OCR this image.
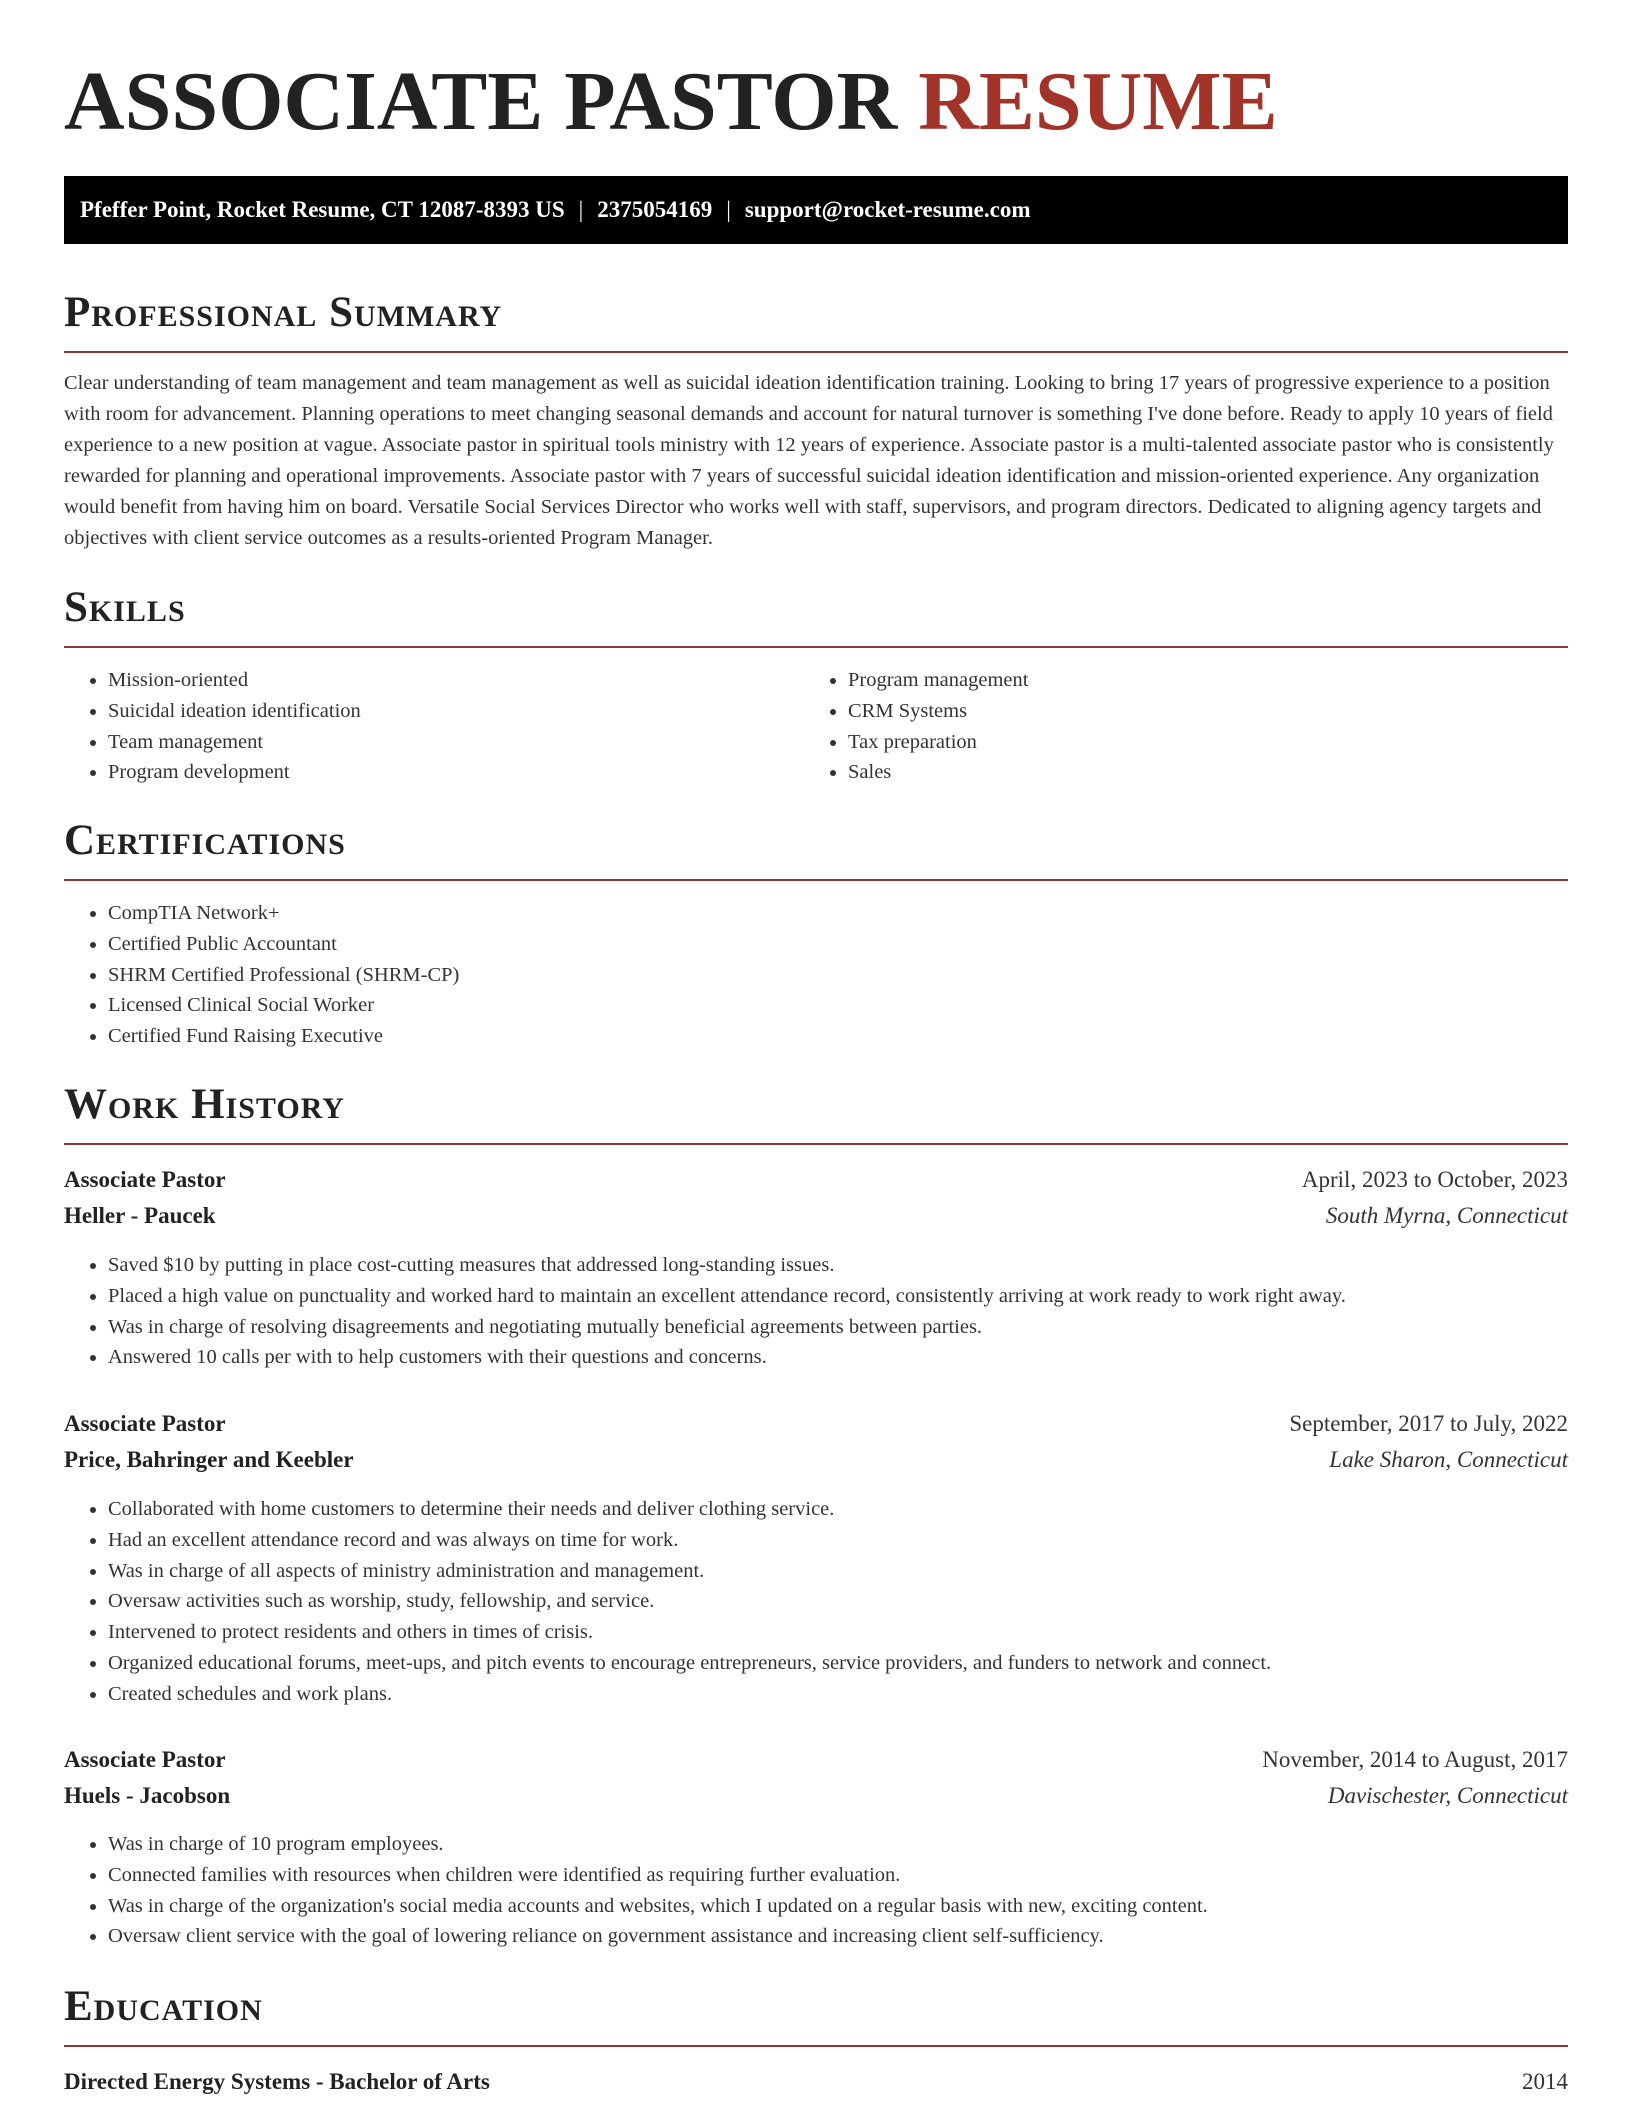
ASSOCIATE PASTOR RESUME
Pfeffer Point, Rocket Resume, CT 12087-8393 US | 2375054169 | support@rocket-resume.com
Professional Summary

Clear understanding of team management and team management as well as suicidal ideation identification training. Looking to bring 17 years of progressive experience to a position with room for advancement. Planning operations to meet changing seasonal demands and account for natural turnover is something I've done before. Ready to apply 10 years of field experience to a new position at vague. Associate pastor in spiritual tools ministry with 12 years of experience. Associate pastor is a multi-talented associate pastor who is consistently rewarded for planning and operational improvements. Associate pastor with 7 years of successful suicidal ideation identification and mission-oriented experience. Any organization would benefit from having him on board. Versatile Social Services Director who works well with staff, supervisors, and program directors. Dedicated to aligning agency targets and objectives with client service outcomes as a results-oriented Program Manager.

Skills
• Mission-oriented
• Suicidal ideation identification
• Team management
• Program development
• Program management
• CRM Systems
• Tax preparation
• Sales
Certifications
• CompTIA Network+
• Certified Public Accountant
• SHRM Certified Professional (SHRM-CP)
• Licensed Clinical Social Worker
• Certified Fund Raising Executive
Work History
Associate Pastor	April, 2023 to October, 2023
Heller - Paucek	South Myrna, Connecticut
• Saved $10 by putting in place cost-cutting measures that addressed long-standing issues.
• Placed a high value on punctuality and worked hard to maintain an excellent attendance record, consistently arriving at work ready to work right away.
• Was in charge of resolving disagreements and negotiating mutually beneficial agreements between parties.
• Answered 10 calls per with to help customers with their questions and concerns.
Associate Pastor	September, 2017 to July, 2022
Price, Bahringer and Keebler	Lake Sharon, Connecticut
• Collaborated with home customers to determine their needs and deliver clothing service.
• Had an excellent attendance record and was always on time for work.
• Was in charge of all aspects of ministry administration and management.
• Oversaw activities such as worship, study, fellowship, and service.
• Intervened to protect residents and others in times of crisis.
• Organized educational forums, meet-ups, and pitch events to encourage entrepreneurs, service providers, and funders to network and connect.
• Created schedules and work plans.
Associate Pastor	November, 2014 to August, 2017
Huels - Jacobson	Davischester, Connecticut
• Was in charge of 10 program employees.
• Connected families with resources when children were identified as requiring further evaluation.
• Was in charge of the organization's social media accounts and websites, which I updated on a regular basis with new, exciting content.
• Oversaw client service with the goal of lowering reliance on government assistance and increasing client self-sufficiency.
Education
Directed Energy Systems - Bachelor of Arts	2014
